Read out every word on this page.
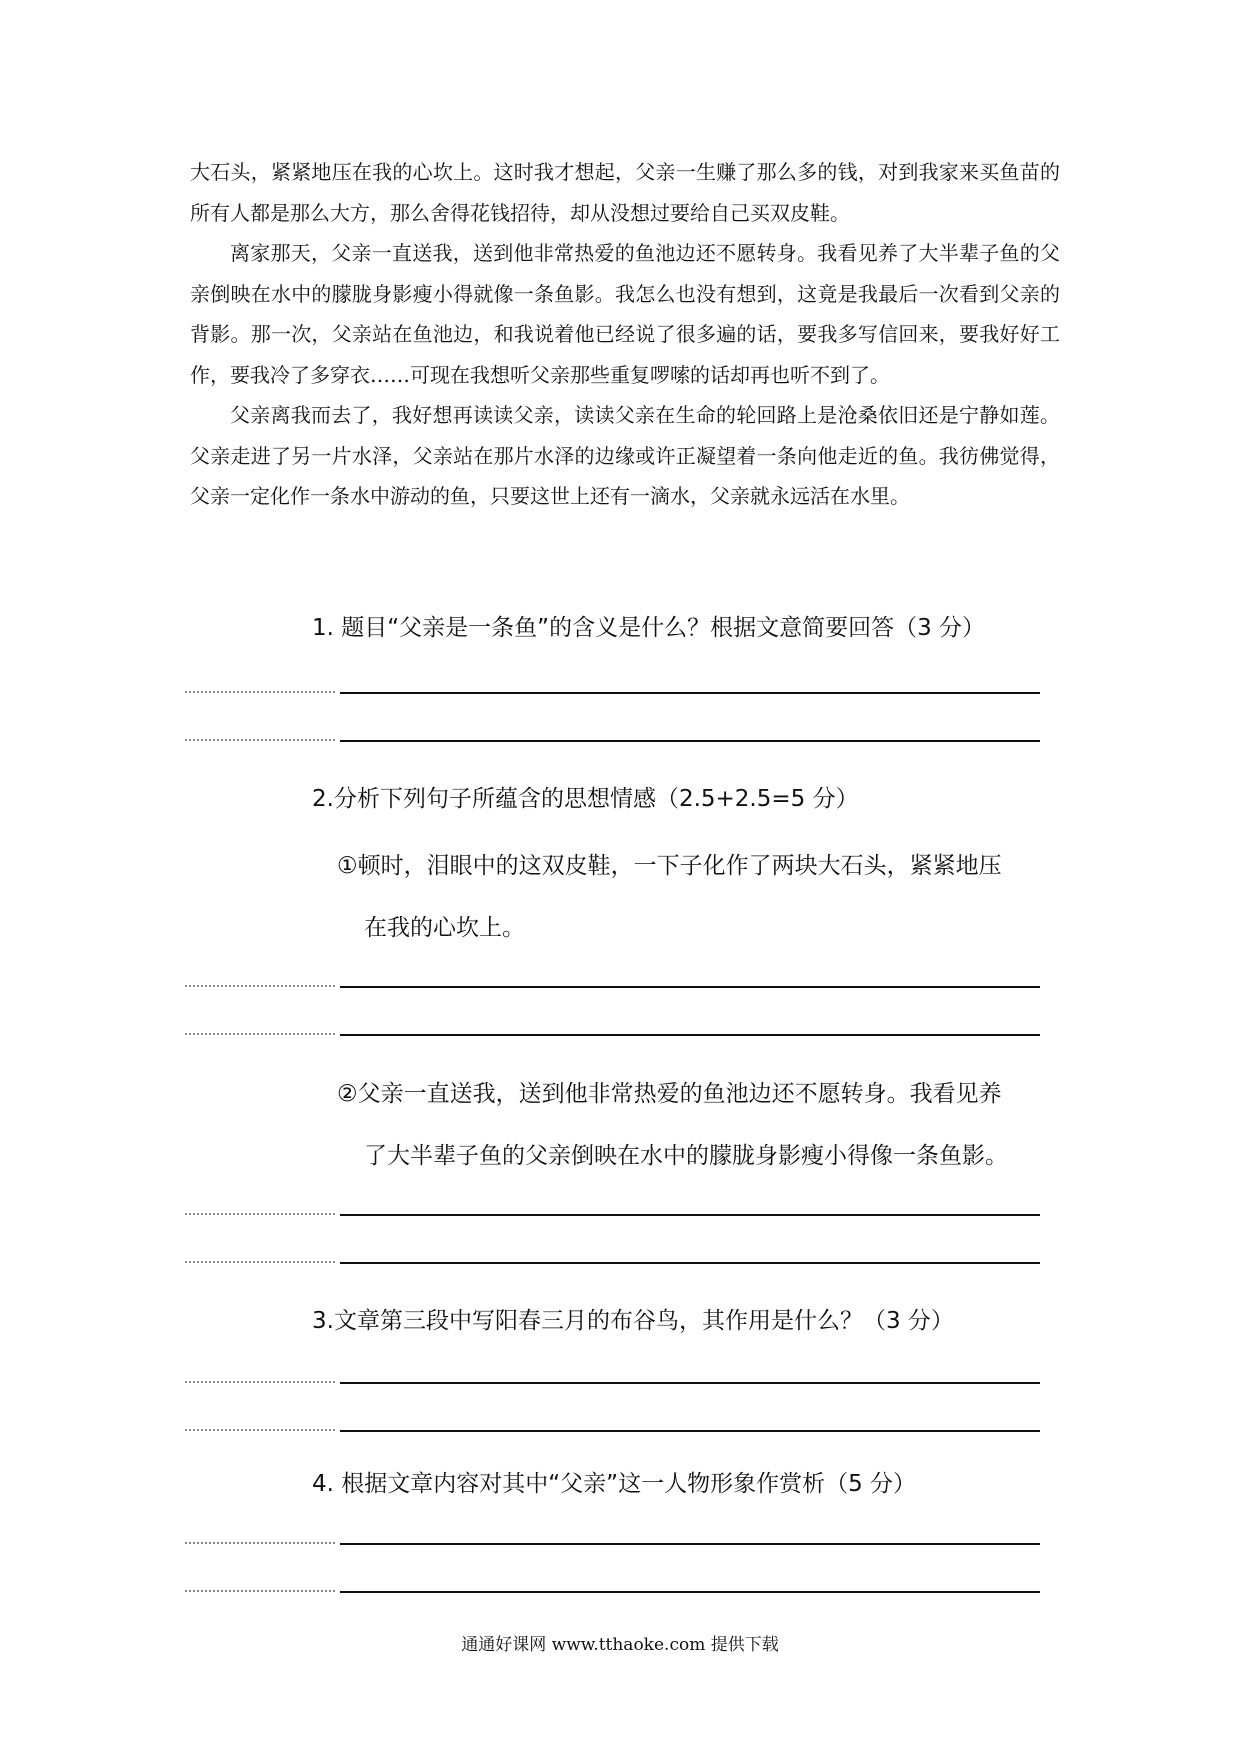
大石头，紧紧地压在我的心坎上。这时我才想起，父亲一生赚了那么多的钱，对到我家来买鱼苗的所有人都是那么大方，那么舍得花钱招待，却从没想过要给自己买双皮鞋。

离家那天，父亲一直送我，送到他非常热爱的鱼池边还不愿转身。我看见养了大半辈子鱼的父亲倒映在水中的朦胧身影瘦小得就像一条鱼影。我怎么也没有想到，这竟是我最后一次看到父亲的背影。那一次，父亲站在鱼池边，和我说着他已经说了很多遍的话，要我多写信回来，要我好好工作，要我冷了多穿衣……可现在我想听父亲那些重复啰嗦的话却再也听不到了。

父亲离我而去了，我好想再读读父亲，读读父亲在生命的轮回路上是沧桑依旧还是宁静如莲。父亲走进了另一片水泽，父亲站在那片水泽的边缘或许正凝望着一条向他走近的鱼。我彷佛觉得，父亲一定化作一条水中游动的鱼，只要这世上还有一滴水，父亲就永远活在水里。

1. 题目“父亲是一条鱼”的含义是什么？根据文意简要回答（3 分）
2.分析下列句子所蕴含的思想情感（2.5+2.5=5 分）
①顿时，泪眼中的这双皮鞋，一下子化作了两块大石头，紧紧地压
在我的心坎上。
②父亲一直送我，送到他非常热爱的鱼池边还不愿转身。我看见养
了大半辈子鱼的父亲倒映在水中的朦胧身影瘦小得像一条鱼影。
3.文章第三段中写阳春三月的布谷鸟，其作用是什么？（3 分）
4. 根据文章内容对其中“父亲”这一人物形象作赏析（5 分）
通通好课网 www.tthaoke.com 提供下载
